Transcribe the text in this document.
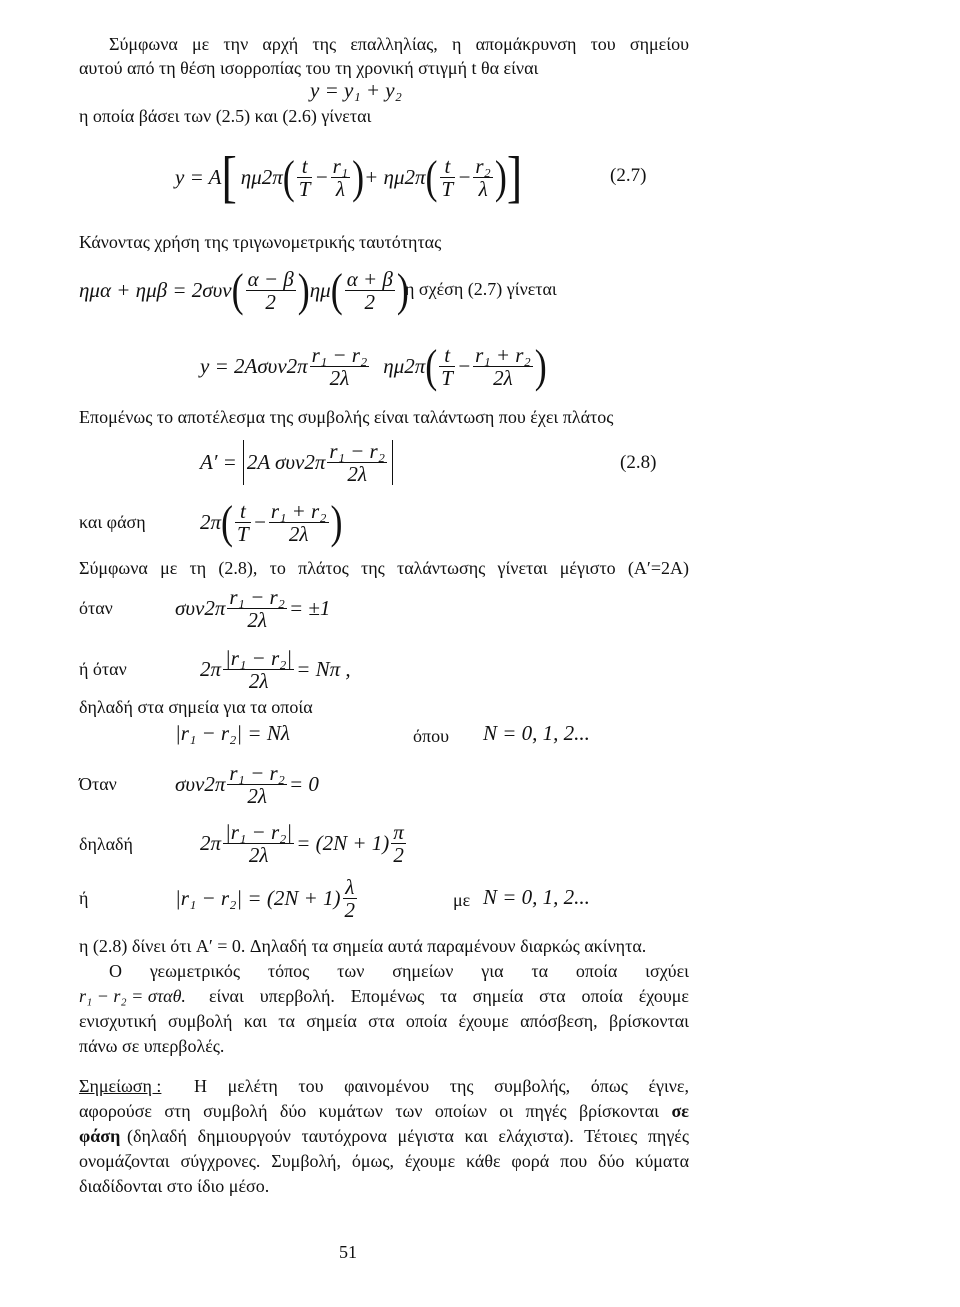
Σύμφωνα με την αρχή της επαλληλίας, η απομάκρυνση του σημείου
αυτού από τη θέση ισορροπίας του τη χρονική στιγμή t θα είναι
y = y₁ + y₂
η οποία βάσει των (2.5) και (2.6) γίνεται
y = A [ ημ2π ( $\frac{t}{T} - \frac{\text{r₁}}{\lambda}$ ) + ημ2π ( $\frac{t}{T} - \frac{\text{r₂}}{\lambda}$ ) ]	(2.7)
Κάνοντας χρήση της τριγωνομετρικής ταυτότητας
ημα + ημβ = 2συν ( $\frac{\alpha - \beta}{2}$ ) ημ ( $\frac{\alpha + \beta}{2}$ )
η σχέση (2.7) γίνεται
$y = 2A\sigma\upsilon\nu 2\pi \frac{\text{r₁ − r₂}}{2\lambda} \eta\mu 2\pi$ ( $\frac{t}{T} - \frac{\text{r₁ + r₂}}{2\lambda}$ )
Επομένως το αποτέλεσμα της συμβολής είναι ταλάντωση που έχει πλάτος
A′ = 2A $\sigma\upsilon\nu 2\pi \frac{\text{r₁ − r₂}}{2\lambda}$	(2.8)
και φάση	2π ( $\frac{t}{T} - \frac{\text{r₁ + r₂}}{2\lambda}$ )
Σύμφωνα με τη (2.8), το πλάτος της ταλάντωσης γίνεται μέγιστο (A′=2A)
όταν	$\sigma\upsilon\nu 2\pi \frac{\text{r₁ − r₂}}{2\lambda} = \pm 1$
ή όταν	$2\pi \frac{\text{|r₁ − r₂|}}{2\lambda} = N\pi$ ,
δηλαδή στα σημεία για τα οποία
|r₁ − r₂| = Nλ	όπου N = 0, 1, 2...
Όταν	$\sigma\upsilon\nu 2\pi \frac{\text{r₁ − r₂}}{2\lambda} = 0$
δηλαδή	$2\pi \frac{\text{|r₁ − r₂|}}{2\lambda} = (2N + 1) \frac{\pi}{2}$
ή	$|r_1 - r_2| = (2N + 1) \frac{\lambda}{2}$	με N = 0, 1, 2...
η (2.8) δίνει ότι A′ = 0. Δηλαδή τα σημεία αυτά παραμένουν διαρκώς ακίνητα.
Ο γεωμετρικός τόπος των σημείων για τα οποία ισχύει
r₁ − r₂ = σταθ. είναι υπερβολή. Επομένως τα σημεία στα οποία έχουμε
ενισχυτική συμβολή και τα σημεία στα οποία έχουμε απόσβεση, βρίσκονται
πάνω σε υπερβολές.
Σημείωση : Η μελέτη του φαινομένου της συμβολής, όπως έγινε,
αφορούσε στη συμβολή δύο κυμάτων των οποίων οι πηγές βρίσκονται σε
φάση (δηλαδή δημιουργούν ταυτόχρονα μέγιστα και ελάχιστα). Τέτοιες πηγές
ονομάζονται σύγχρονες. Συμβολή, όμως, έχουμε κάθε φορά που δύο κύματα
διαδίδονται στο ίδιο μέσο.
51
